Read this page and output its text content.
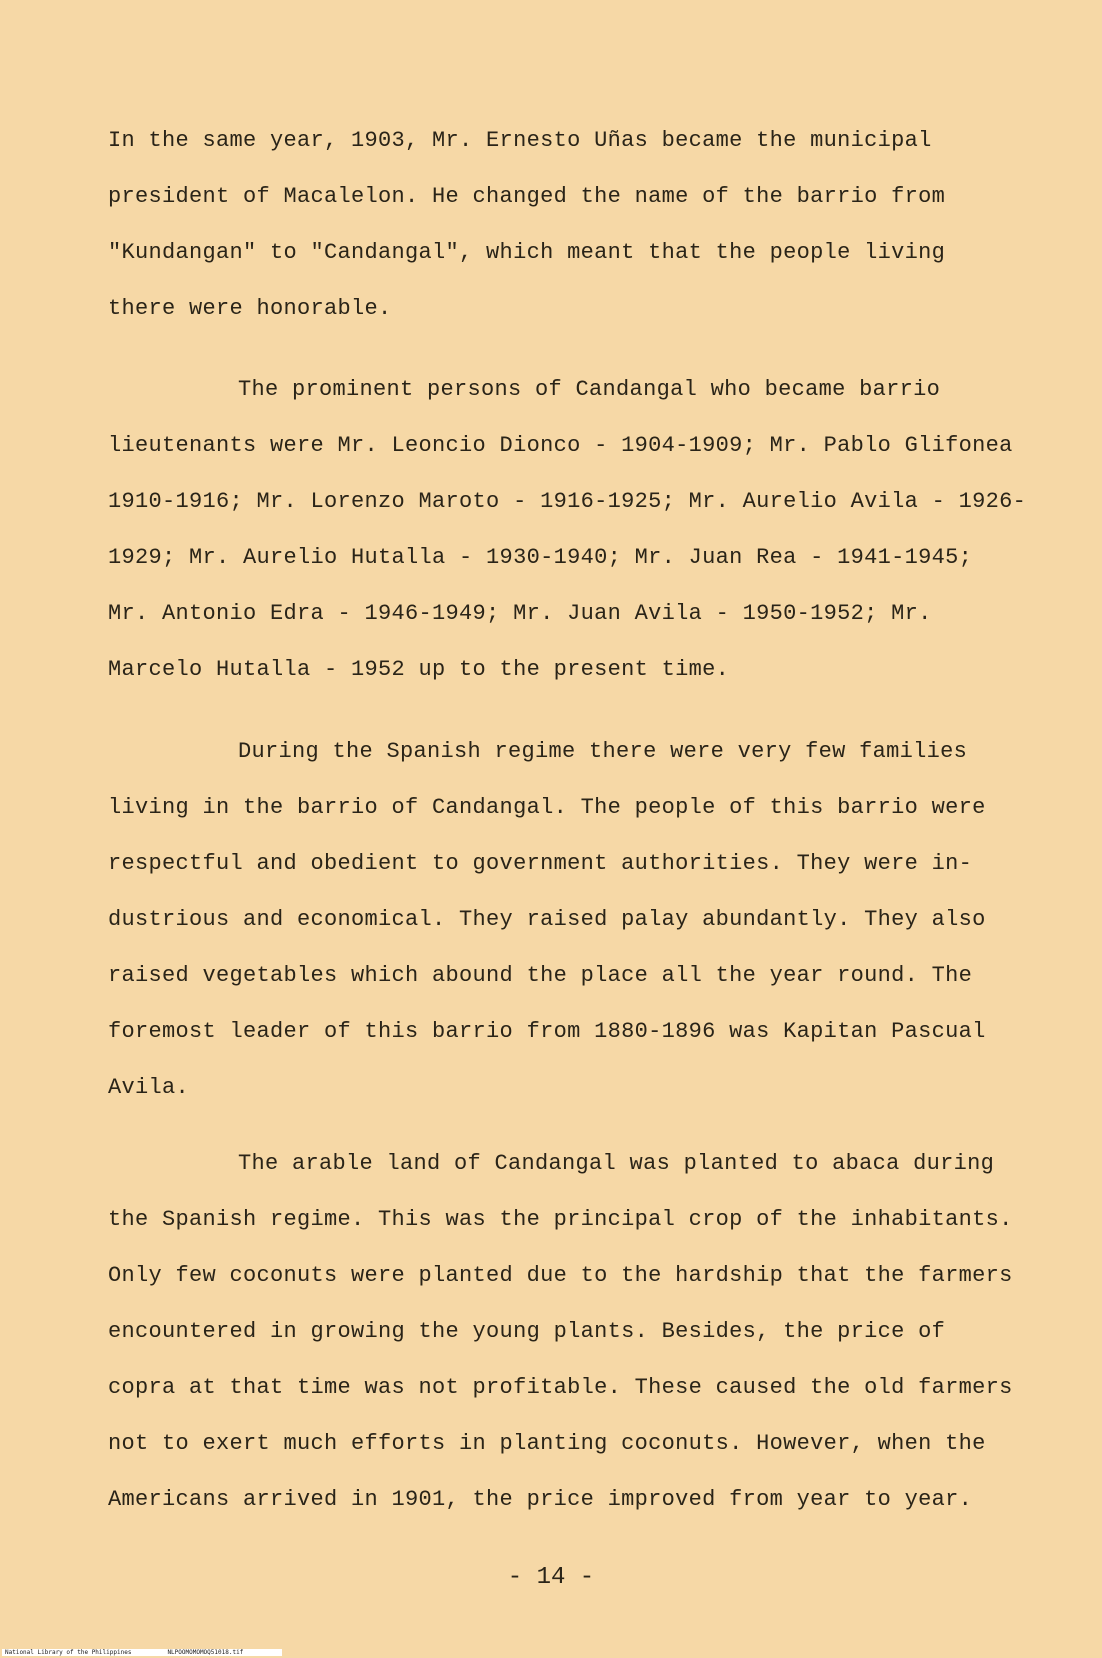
In the same year, 1903, Mr. Ernesto Uñas became the municipal
president of Macalelon. He changed the name of the barrio from
"Kundangan" to "Candangal", which meant that the people living
there were honorable.
The prominent persons of Candangal who became barrio
lieutenants were Mr. Leoncio Dionco - 1904-1909; Mr. Pablo Glifonea
1910-1916; Mr. Lorenzo Maroto - 1916-1925; Mr. Aurelio Avila - 1926-
1929; Mr. Aurelio Hutalla - 1930-1940; Mr. Juan Rea - 1941-1945;
Mr. Antonio Edra - 1946-1949; Mr. Juan Avila - 1950-1952; Mr.
Marcelo Hutalla - 1952 up to the present time.
During the Spanish regime there were very few families
living in the barrio of Candangal. The people of this barrio were
respectful and obedient to government authorities. They were in-
dustrious and economical. They raised palay abundantly. They also
raised vegetables which abound the place all the year round. The
foremost leader of this barrio from 1880-1896 was Kapitan Pascual
Avila.
The arable land of Candangal was planted to abaca during
the Spanish regime. This was the principal crop of the inhabitants.
Only few coconuts were planted due to the hardship that the farmers
encountered in growing the young plants. Besides, the price of
copra at that time was not profitable. These caused the old farmers
not to exert much efforts in planting coconuts. However, when the
Americans arrived in 1901, the price improved from year to year.
- 14 -
National Library of the Philippines	NLPOOMOMOMOQ51018.tif
